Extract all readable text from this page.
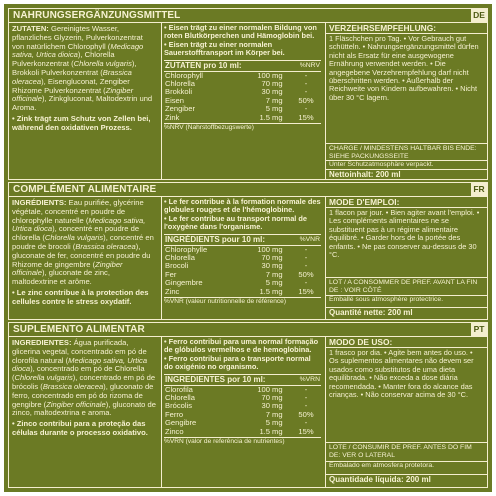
NAHRUNGSERGÄNZUNGSMITTEL	DE
ZUTATEN: Gereinigtes Wasser, pflanzliches Glyzerin, Pulverkonzentrat von natürlichem Chlorophyll (Medicago sativa, Urtica dioica), Chlorella Pulverkonzentrat (Chlorella vulgaris), Brokkoli Pulverkonzentrat (Brassica oleracea), Eisengluconat, Zengiber Rhizome Pulverkonzentrat (Zingiber officinale), Zinkgluconat, Maltodextrin und Aroma.
• Zink trägt zum Schutz von Zellen bei, während den oxidativen Prozess.
• Eisen trägt zu einer normalen Bildung von roten Blutkörperchen und Hämoglobin bei.
• Eisen trägt zu einer normalen Sauerstofftransport im Körper bei.
ZUTATEN pro 10 ml:	%NRV
Chlorophyll	100	mg	-
Chlorella	70	mg	-
Brokkoli	30	mg	-
Eisen	7	mg	50%
Zengiber	5	mg	-
Zink	1.5	mg	15%
%NRV (Nahrstoffbezugswerte)
VERZEHRSEMPFEHLUNG:
1 Fläschchen pro Tag. • Vor Gebrauch gut schütteln. • Nahrungsergänzungsmittel dürfen nicht als Ersatz für eine ausgewogene Ernährung verwendet werden. • Die angegebene Verzehrempfehlung darf nicht überschritten werden. • Außerhalb der Reichweite von Kindern aufbewahren. • Nicht über 30 °C lagern.
CHARGE / MINDESTENS HALTBAR BIS ENDE: SIEHE PACKUNGSSEITE
Unter Schutzatmosphäre verpackt.
Nettoinhalt: 200 ml
COMPLÉMENT ALIMENTAIRE	FR
INGRÉDIENTS: Eau purifiée, glycérine végétale, concentré en poudre de chlorophylle naturelle (Medicago sativa, Urtica dioca), concentré en poudre de chlorella (Chlorella vulgaris), concentré en poudre de brocoli (Brassica oleracea), gluconate de fer, concentré en poudre du Rhizome de gingembre (Zingiber officinale), gluconate de zinc, maltodextrine et arôme.
• Le zinc contribue à la protection des cellules contre le stress oxydatif.
• Le fer contribue à la formation normale des globules rouges et de l'hémoglobine.
• Le fer contribue au transport normal de l'oxygène dans l'organisme.
INGRÉDIENTS pour 10 ml:	%VNR
Chlorophylle	100	mg	-
Chlorella	70	mg	-
Brocoli	30	mg	-
Fer	7	mg	50%
Gingembre	5	mg	-
Zinc	1.5	mg	15%
%VNR (valeur nutritionnelle de référence)
MODE D'EMPLOI:
1 flacon par jour. • Bien agiter avant l'emploi. • Les compléments alimentaires ne se substituent pas à un régime alimentaire équilibré. • Garder hors de la portée des enfants. • Ne pas conserver au-dessus de 30 °C.
LOT / A CONSOMMER DE PREF. AVANT LA FIN DE : VOIR CÔTÉ
Emballé sous atmosphère protectrice.
Quantité nette: 200 ml
SUPLEMENTO ALIMENTAR	PT
INGREDIENTES: Água purificada, glicerina vegetal, concentrado em pó de clorofila natural (Medicago sativa, Urtica dioca), concentrado em pó de Chlorella (Chlorella vulgaris), concentrado em pó de brócolis (Brassica oleracea), gluconato de ferro, concentrado em pó do rizoma de gengibre (Zingiber officinale), gluconato de zinco, maltodextrina e aroma.
• Zinco contribui para a proteção das células durante o processo oxidativo.
• Ferro contribui para uma normal formação de glóbulos vermelhos e de hemoglobina.
• Ferro contribui para o transporte normal do oxigénio no organismo.
INGREDIENTES por 10 ml:	%VRN
Clorofila	100	mg	-
Chlorella	70	mg	-
Brócolis	30	mg	-
Ferro	7	mg	50%
Gengibre	5	mg	-
Zinco	1.5	mg	15%
%VRN (valor de referência de nutrientes)
MODO DE USO:
1 frasco por dia. • Agite bem antes do uso. • Os suplementos alimentares não devem ser usados como substitutos de uma dieta equilibrada. • Não exceda a dose diária recomendada. • Manter fora do alcance das crianças. • Não conservar acima de 30 °C.
LOTE / CONSUMIR DE PREF. ANTES DO FIM DE: VER O LATERAL
Embalado em atmosfera protetora.
Quantidade líquida: 200 ml
